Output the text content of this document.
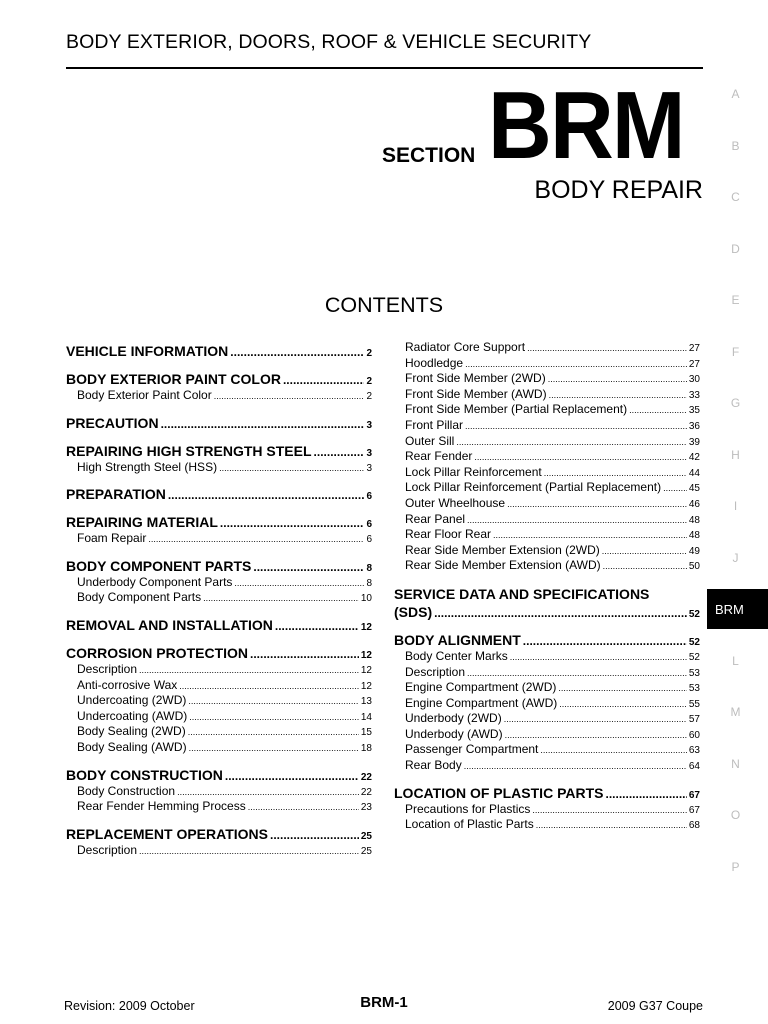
BODY EXTERIOR, DOORS, ROOF & VEHICLE SECURITY
SECTION BRM
BODY REPAIR
CONTENTS
VEHICLE INFORMATION .....	2
BODY EXTERIOR PAINT COLOR .....	2
Body Exterior Paint Color .....	2
PRECAUTION .....	3
REPAIRING HIGH STRENGTH STEEL .....	3
High Strength Steel (HSS) .....	3
PREPARATION .....	6
REPAIRING MATERIAL .....	6
Foam Repair .....	6
BODY COMPONENT PARTS .....	8
Underbody Component Parts .....	8
Body Component Parts .....	10
REMOVAL AND INSTALLATION .....	12
CORROSION PROTECTION .....	12
Description .....	12
Anti-corrosive Wax .....	12
Undercoating (2WD) .....	13
Undercoating (AWD) .....	14
Body Sealing (2WD) .....	15
Body Sealing (AWD) .....	18
BODY CONSTRUCTION .....	22
Body Construction .....	22
Rear Fender Hemming Process .....	23
REPLACEMENT OPERATIONS .....	25
Description .....	25
Radiator Core Support .....	27
Hoodledge .....	27
Front Side Member (2WD) .....	30
Front Side Member (AWD) .....	33
Front Side Member (Partial Replacement) .....	35
Front Pillar .....	36
Outer Sill .....	39
Rear Fender .....	42
Lock Pillar Reinforcement .....	44
Lock Pillar Reinforcement (Partial Replacement) .....	45
Outer Wheelhouse .....	46
Rear Panel .....	48
Rear Floor Rear .....	48
Rear Side Member Extension (2WD) .....	49
Rear Side Member Extension (AWD) .....	50
SERVICE DATA AND SPECIFICATIONS
(SDS) .....	52
BODY ALIGNMENT .....	52
Body Center Marks .....	52
Description .....	53
Engine Compartment (2WD) .....	53
Engine Compartment (AWD) .....	55
Underbody (2WD) .....	57
Underbody (AWD) .....	60
Passenger Compartment .....	63
Rear Body .....	64
LOCATION OF PLASTIC PARTS .....	67
Precautions for Plastics .....	67
Location of Plastic Parts .....	68
A
B
C
D
E
F
G
H
I
J
BRM
L
M
N
O
P
Revision: 2009 October	BRM-1	2009 G37 Coupe
